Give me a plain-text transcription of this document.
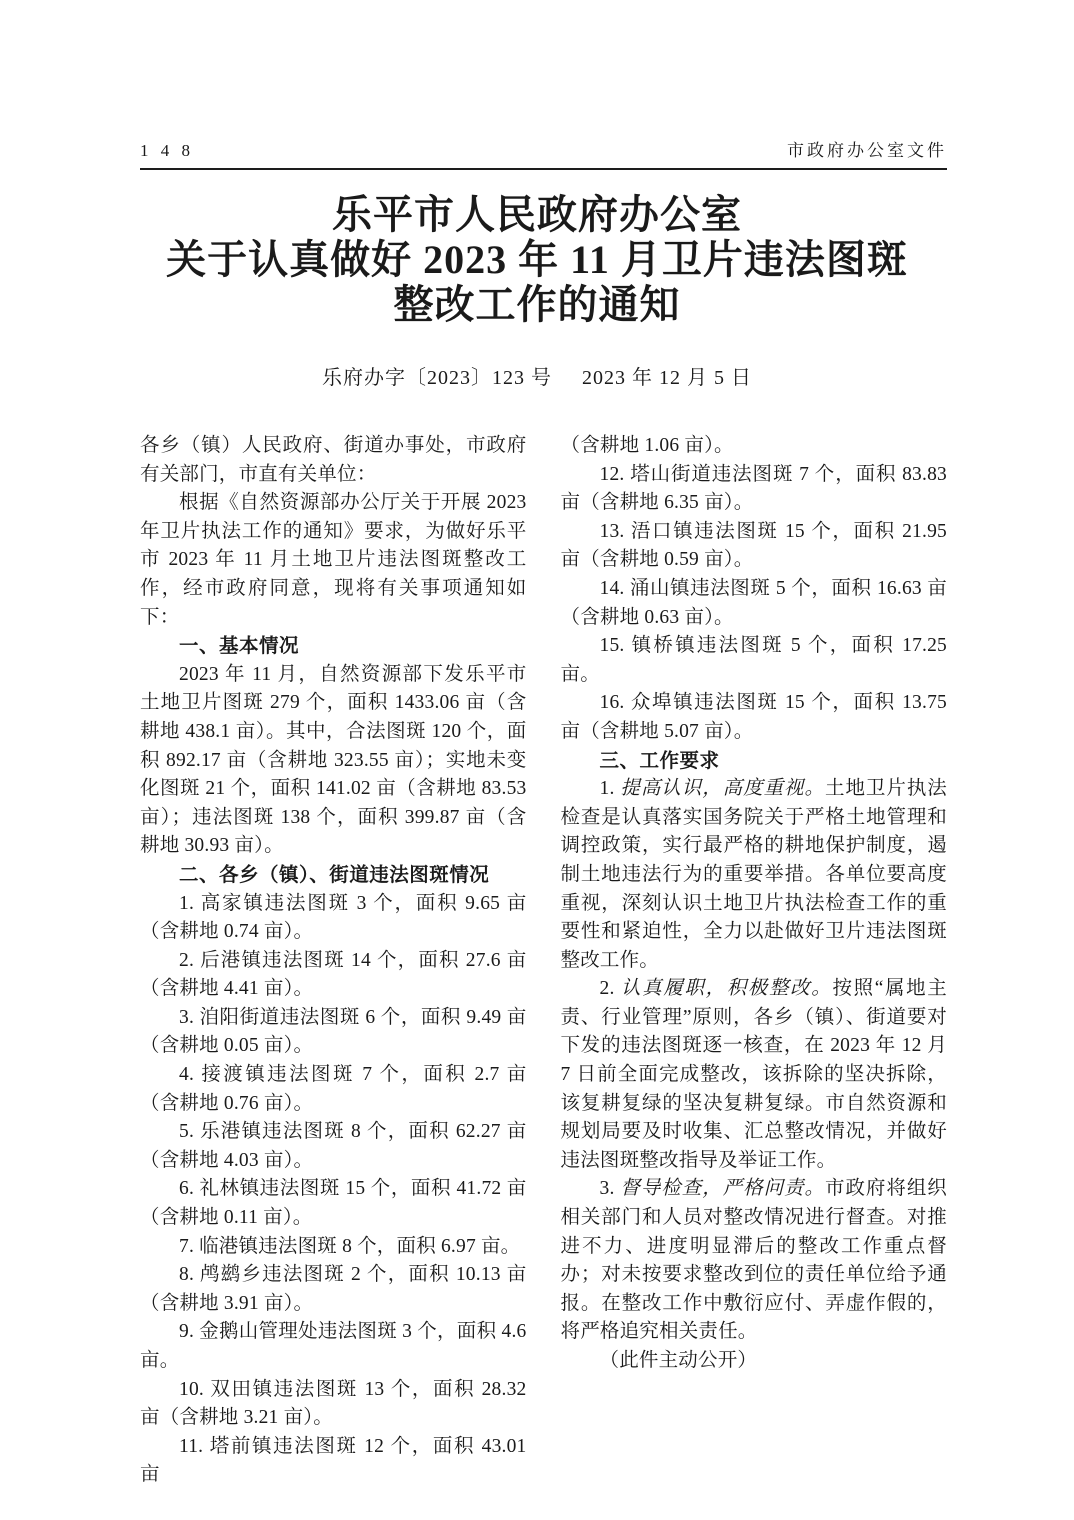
1 4 8	市政府办公室文件
乐平市人民政府办公室
关于认真做好 2023 年 11 月卫片违法图斑
整改工作的通知
乐府办字〔2023〕123 号 2023 年 12 月 5 日

各乡（镇）人民政府、街道办事处，市政府有关部门，市直有关单位：

根据《自然资源部办公厅关于开展 2023 年卫片执法工作的通知》要求，为做好乐平市 2023 年 11 月土地卫片违法图斑整改工作，经市政府同意，现将有关事项通知如下：

一、基本情况

2023 年 11 月，自然资源部下发乐平市土地卫片图斑 279 个，面积 1433.06 亩（含耕地 438.1 亩）。其中，合法图斑 120 个，面积 892.17 亩（含耕地 323.55 亩）；实地未变化图斑 21 个，面积 141.02 亩（含耕地 83.53 亩）；违法图斑 138 个，面积 399.87 亩（含耕地 30.93 亩）。

二、各乡（镇）、街道违法图斑情况

1. 高家镇违法图斑 3 个，面积 9.65 亩（含耕地 0.74 亩）。

2. 后港镇违法图斑 14 个，面积 27.6 亩（含耕地 4.41 亩）。

3. 洎阳街道违法图斑 6 个，面积 9.49 亩（含耕地 0.05 亩）。

4. 接渡镇违法图斑 7 个，面积 2.7 亩（含耕地 0.76 亩）。

5. 乐港镇违法图斑 8 个，面积 62.27 亩（含耕地 4.03 亩）。

6. 礼林镇违法图斑 15 个，面积 41.72 亩（含耕地 0.11 亩）。

7. 临港镇违法图斑 8 个，面积 6.97 亩。

8. 鸬鹚乡违法图斑 2 个，面积 10.13 亩（含耕地 3.91 亩）。

9. 金鹅山管理处违法图斑 3 个，面积 4.6 亩。

10. 双田镇违法图斑 13 个，面积 28.32 亩（含耕地 3.21 亩）。

11. 塔前镇违法图斑 12 个，面积 43.01 亩

（含耕地 1.06 亩）。

12. 塔山街道违法图斑 7 个，面积 83.83 亩（含耕地 6.35 亩）。

13. 浯口镇违法图斑 15 个，面积 21.95 亩（含耕地 0.59 亩）。

14. 涌山镇违法图斑 5 个，面积 16.63 亩（含耕地 0.63 亩）。

15. 镇桥镇违法图斑 5 个，面积 17.25 亩。

16. 众埠镇违法图斑 15 个，面积 13.75 亩（含耕地 5.07 亩）。

三、工作要求

1. 提高认识，高度重视。土地卫片执法检查是认真落实国务院关于严格土地管理和调控政策，实行最严格的耕地保护制度，遏制土地违法行为的重要举措。各单位要高度重视，深刻认识土地卫片执法检查工作的重要性和紧迫性，全力以赴做好卫片违法图斑整改工作。

2. 认真履职，积极整改。按照“属地主责、行业管理”原则，各乡（镇）、街道要对下发的违法图斑逐一核查，在 2023 年 12 月 7 日前全面完成整改，该拆除的坚决拆除，该复耕复绿的坚决复耕复绿。市自然资源和规划局要及时收集、汇总整改情况，并做好违法图斑整改指导及举证工作。

3. 督导检查，严格问责。市政府将组织相关部门和人员对整改情况进行督查。对推进不力、进度明显滞后的整改工作重点督办；对未按要求整改到位的责任单位给予通报。在整改工作中敷衍应付、弄虚作假的，将严格追究相关责任。

（此件主动公开）
